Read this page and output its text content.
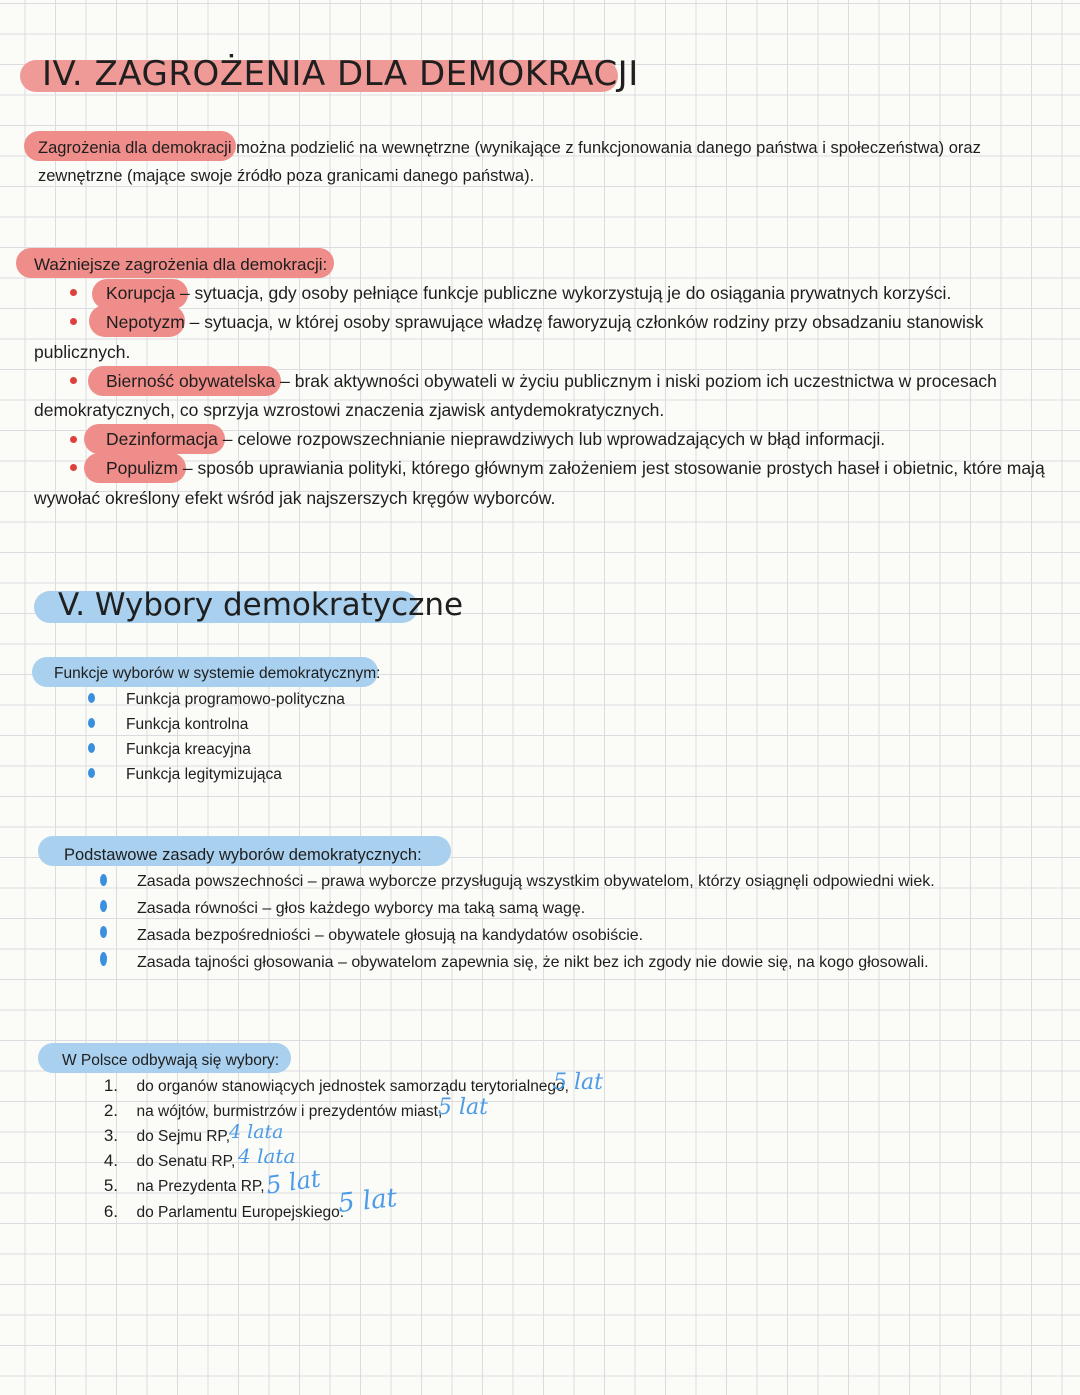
IV. ZAGROŻENIA DLA DEMOKRACJI
Zagrożenia dla demokracji można podzielić na wewnętrzne (wynikające z funkcjonowania danego państwa i społeczeństwa) oraz
zewnętrzne (mające swoje źródło poza granicami danego państwa).
Ważniejsze zagrożenia dla demokracji:
Korupcja – sytuacja, gdy osoby pełniące funkcje publiczne wykorzystują je do osiągania prywatnych korzyści.
Nepotyzm – sytuacja, w której osoby sprawujące władzę faworyzują członków rodziny przy obsadzaniu stanowisk
publicznych.
Bierność obywatelska – brak aktywności obywateli w życiu publicznym i niski poziom ich uczestnictwa w procesach
demokratycznych, co sprzyja wzrostowi znaczenia zjawisk antydemokratycznych.
Dezinformacja – celowe rozpowszechnianie nieprawdziwych lub wprowadzających w błąd informacji.
Populizm – sposób uprawiania polityki, którego głównym założeniem jest stosowanie prostych haseł i obietnic, które mają
wywołać określony efekt wśród jak najszerszych kręgów wyborców.
V. Wybory demokratyczne
Funkcje wyborów w systemie demokratycznym:
Funkcja programowo-polityczna
Funkcja kontrolna
Funkcja kreacyjna
Funkcja legitymizująca
Podstawowe zasady wyborów demokratycznych:
Zasada powszechności – prawa wyborcze przysługują wszystkim obywatelom, którzy osiągnęli odpowiedni wiek.
Zasada równości – głos każdego wyborcy ma taką samą wagę.
Zasada bezpośredniości – obywatele głosują na kandydatów osobiście.
Zasada tajności głosowania – obywatelom zapewnia się, że nikt bez ich zgody nie dowie się, na kogo głosowali.
W Polsce odbywają się wybory:
1. do organów stanowiących jednostek samorządu terytorialnego,
5 lat
2. na wójtów, burmistrzów i prezydentów miast,
5 lat
3. do Sejmu RP,
4 lata
4. do Senatu RP, 4 lata
5. na Prezydenta RP, 5 lat
6. do Parlamentu Europejskiego.
5 lat
